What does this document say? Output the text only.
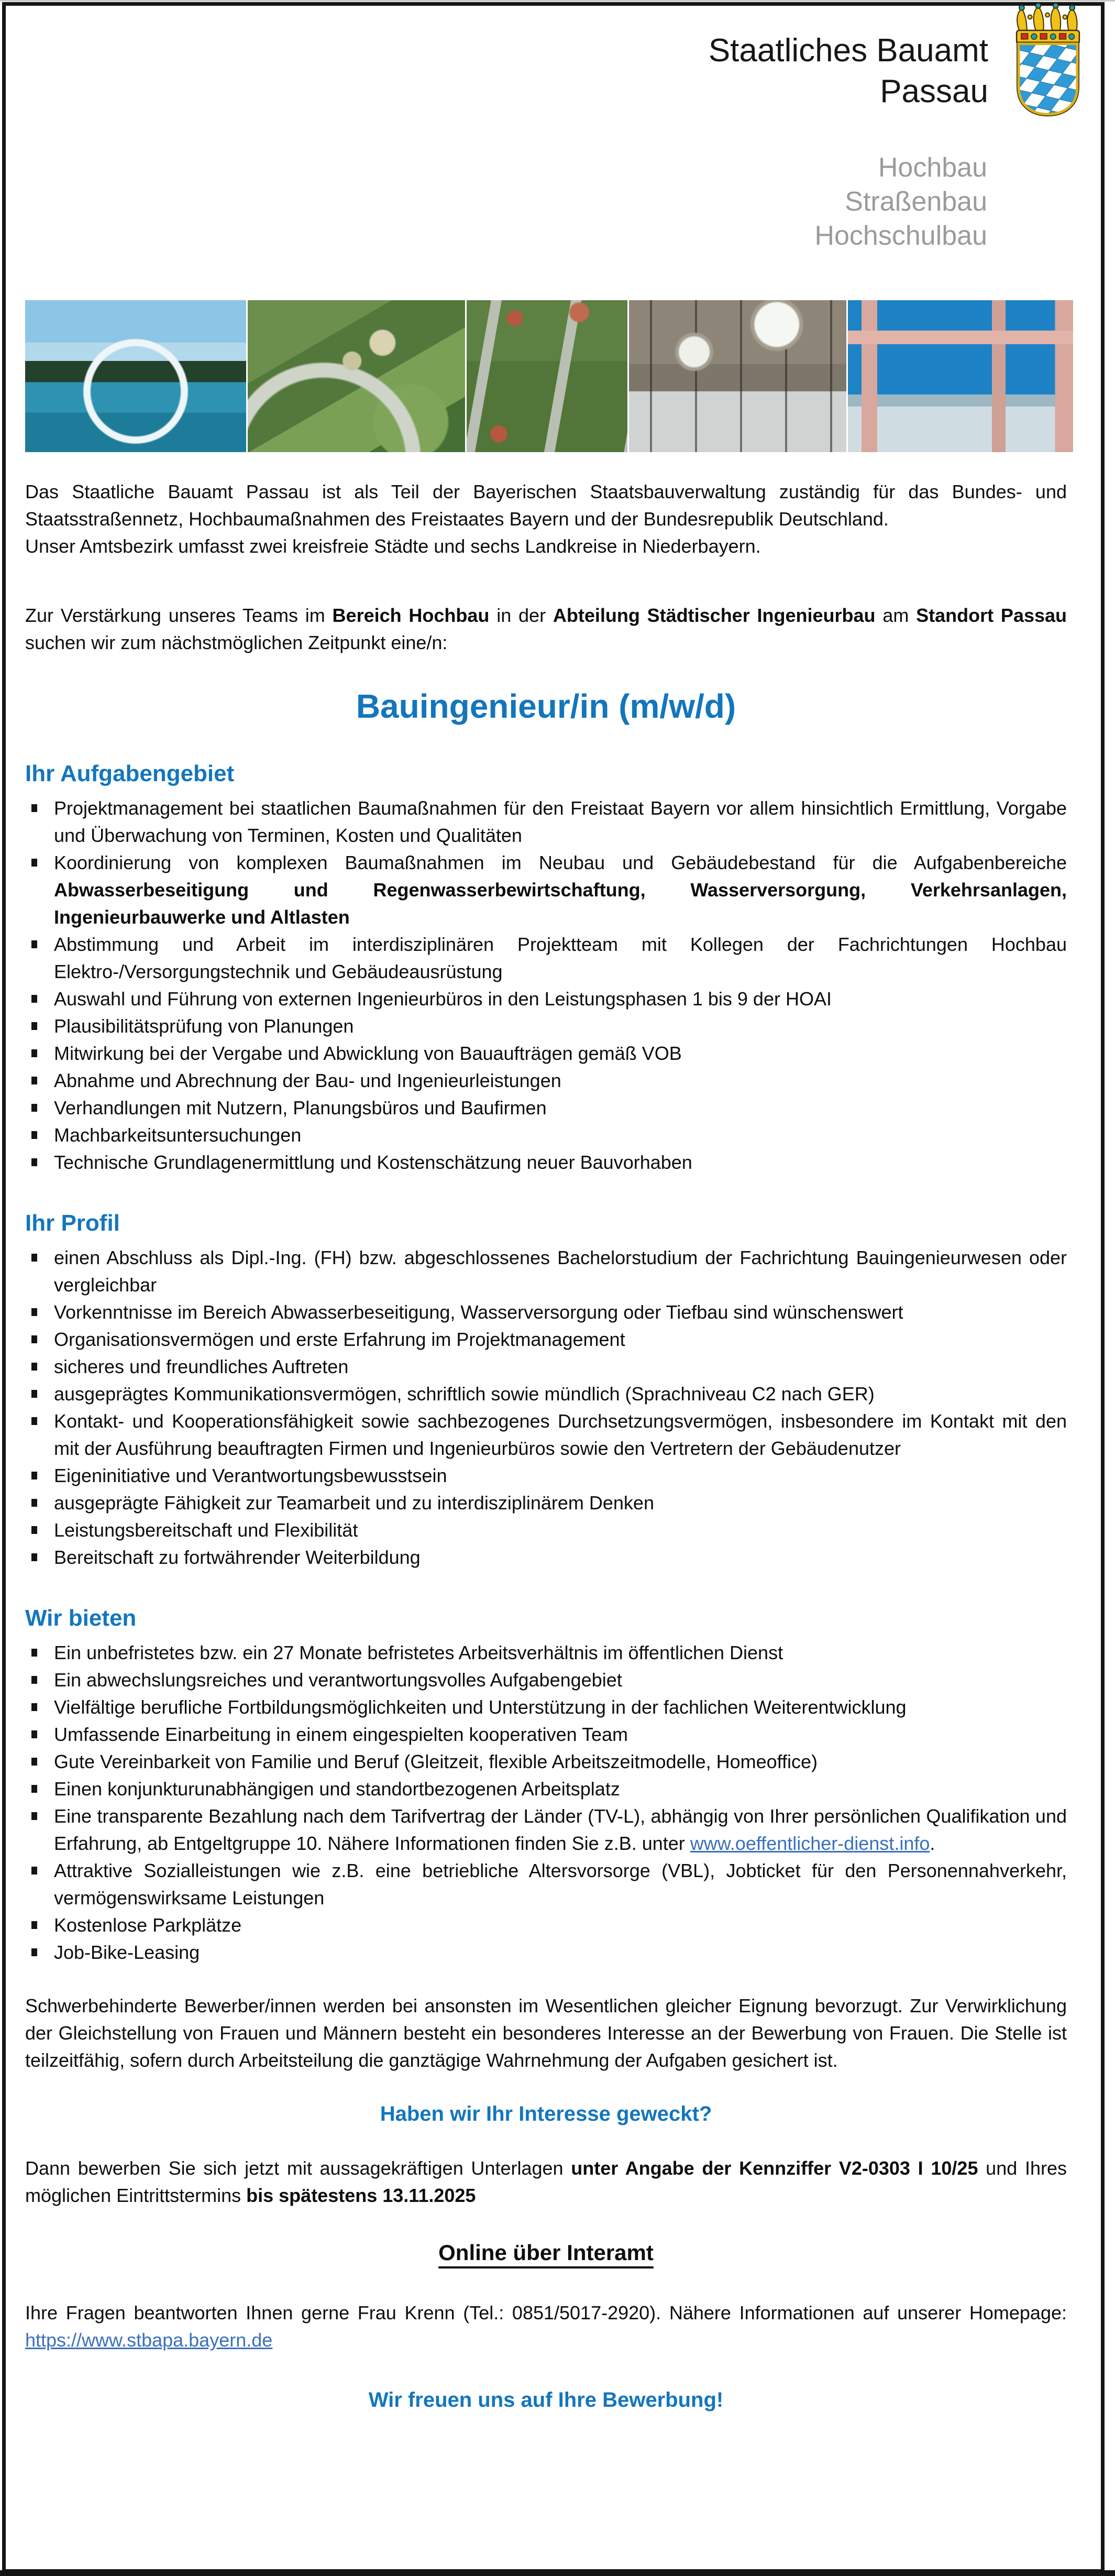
Staatliches Bauamt
Passau
Hochbau
Straßenbau
Hochschulbau
Das Staatliche Bauamt Passau ist als Teil der Bayerischen Staatsbauverwaltung zuständig für das Bundes- und Staatsstraßennetz, Hochbaumaßnahmen des Freistaates Bayern und der Bundesrepublik Deutschland.
Unser Amtsbezirk umfasst zwei kreisfreie Städte und sechs Landkreise in Niederbayern.
Zur Verstärkung unseres Teams im Bereich Hochbau in der Abteilung Städtischer Ingenieurbau am Standort Passau suchen wir zum nächstmöglichen Zeitpunkt eine/n:
Bauingenieur/in (m/w/d)
Ihr Aufgabengebiet
Projektmanagement bei staatlichen Baumaßnahmen für den Freistaat Bayern vor allem hinsichtlich Ermittlung, Vorgabe und Überwachung von Terminen, Kosten und Qualitäten
Koordinierung von komplexen Baumaßnahmen im Neubau und Gebäudebestand für die Aufgabenbereiche Abwasserbeseitigung und Regenwasserbewirtschaftung, Wasserversorgung, Verkehrsanlagen, Ingenieurbauwerke und Altlasten
Abstimmung und Arbeit im interdisziplinären Projektteam mit Kollegen der Fachrichtungen Hochbau Elektro-/Versorgungstechnik und Gebäudeausrüstung
Auswahl und Führung von externen Ingenieurbüros in den Leistungsphasen 1 bis 9 der HOAI
Plausibilitätsprüfung von Planungen
Mitwirkung bei der Vergabe und Abwicklung von Bauaufträgen gemäß VOB
Abnahme und Abrechnung der Bau- und Ingenieurleistungen
Verhandlungen mit Nutzern, Planungsbüros und Baufirmen
Machbarkeitsuntersuchungen
Technische Grundlagenermittlung und Kostenschätzung neuer Bauvorhaben
Ihr Profil
einen Abschluss als Dipl.-Ing. (FH) bzw. abgeschlossenes Bachelorstudium der Fachrichtung Bauingenieurwesen oder vergleichbar
Vorkenntnisse im Bereich Abwasserbeseitigung, Wasserversorgung oder Tiefbau sind wünschenswert
Organisationsvermögen und erste Erfahrung im Projektmanagement
sicheres und freundliches Auftreten
ausgeprägtes Kommunikationsvermögen, schriftlich sowie mündlich (Sprachniveau C2 nach GER)
Kontakt- und Kooperationsfähigkeit sowie sachbezogenes Durchsetzungsvermögen, insbesondere im Kontakt mit den mit der Ausführung beauftragten Firmen und Ingenieurbüros sowie den Vertretern der Gebäudenutzer
Eigeninitiative und Verantwortungsbewusstsein
ausgeprägte Fähigkeit zur Teamarbeit und zu interdisziplinärem Denken
Leistungsbereitschaft und Flexibilität
Bereitschaft zu fortwährender Weiterbildung
Wir bieten
Ein unbefristetes bzw. ein 27 Monate befristetes Arbeitsverhältnis im öffentlichen Dienst
Ein abwechslungsreiches und verantwortungsvolles Aufgabengebiet
Vielfältige berufliche Fortbildungsmöglichkeiten und Unterstützung in der fachlichen Weiterentwicklung
Umfassende Einarbeitung in einem eingespielten kooperativen Team
Gute Vereinbarkeit von Familie und Beruf (Gleitzeit, flexible Arbeitszeitmodelle, Homeoffice)
Einen konjunkturunabhängigen und standortbezogenen Arbeitsplatz
Eine transparente Bezahlung nach dem Tarifvertrag der Länder (TV-L), abhängig von Ihrer persönlichen Qualifikation und Erfahrung, ab Entgeltgruppe 10. Nähere Informationen finden Sie z.B. unter www.oeffentlicher-dienst.info.
Attraktive Sozialleistungen wie z.B. eine betriebliche Altersvorsorge (VBL), Jobticket für den Personennahverkehr, vermögenswirksame Leistungen
Kostenlose Parkplätze
Job-Bike-Leasing
Schwerbehinderte Bewerber/innen werden bei ansonsten im Wesentlichen gleicher Eignung bevorzugt. Zur Verwirklichung der Gleichstellung von Frauen und Männern besteht ein besonderes Interesse an der Bewerbung von Frauen. Die Stelle ist teilzeitfähig, sofern durch Arbeitsteilung die ganztägige Wahrnehmung der Aufgaben gesichert ist.
Haben wir Ihr Interesse geweckt?
Dann bewerben Sie sich jetzt mit aussagekräftigen Unterlagen unter Angabe der Kennziffer V2-0303 I 10/25 und Ihres möglichen Eintrittstermins bis spätestens 13.11.2025
Online über Interamt
Ihre Fragen beantworten Ihnen gerne Frau Krenn (Tel.: 0851/5017-2920). Nähere Informationen auf unserer Homepage: https://www.stbapa.bayern.de
Wir freuen uns auf Ihre Bewerbung!
